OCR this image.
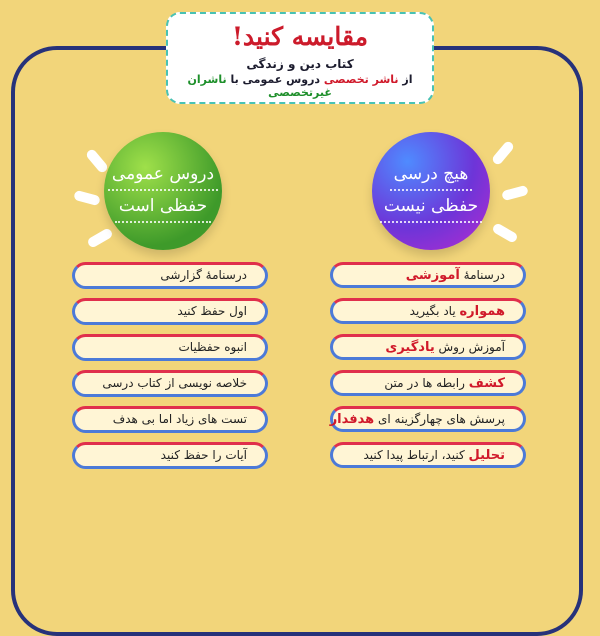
مقایسه کنید!
کتاب دین و زندگی
از ناشر تخصصی دروس عمومی با ناشران غیرتخصصی
دروس عمومی
حفظی است
هیچ درسی
حفظی نیست
درسنامۀ گزارشی
اول حفظ کنید
انبوه حفظیات
خلاصه نویسی از کتاب درسی
تست های زیاد اما بی هدف
آیات را حفظ کنید
درسنامۀ آموزشی
همواره یاد بگیرید
آموزش روش یادگیری
کشف رابطه ها در متن
پرسش های چهارگزینه ای هدفدار
تحلیل کنید، ارتباط پیدا کنید
